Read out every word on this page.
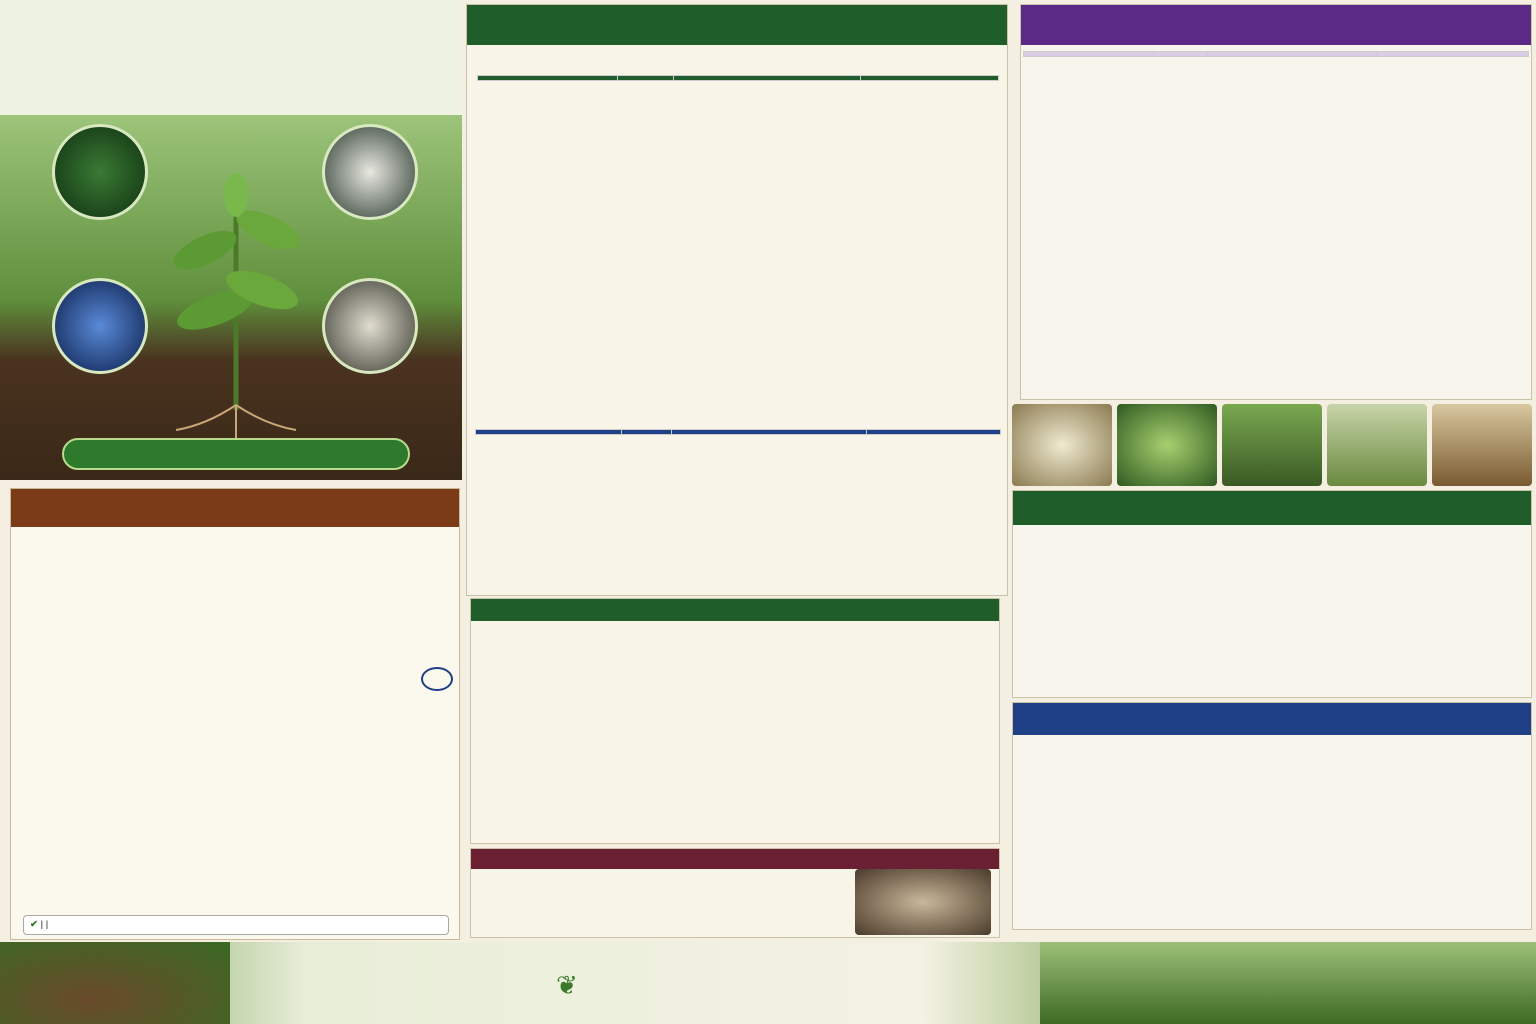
✔ | |
❦
